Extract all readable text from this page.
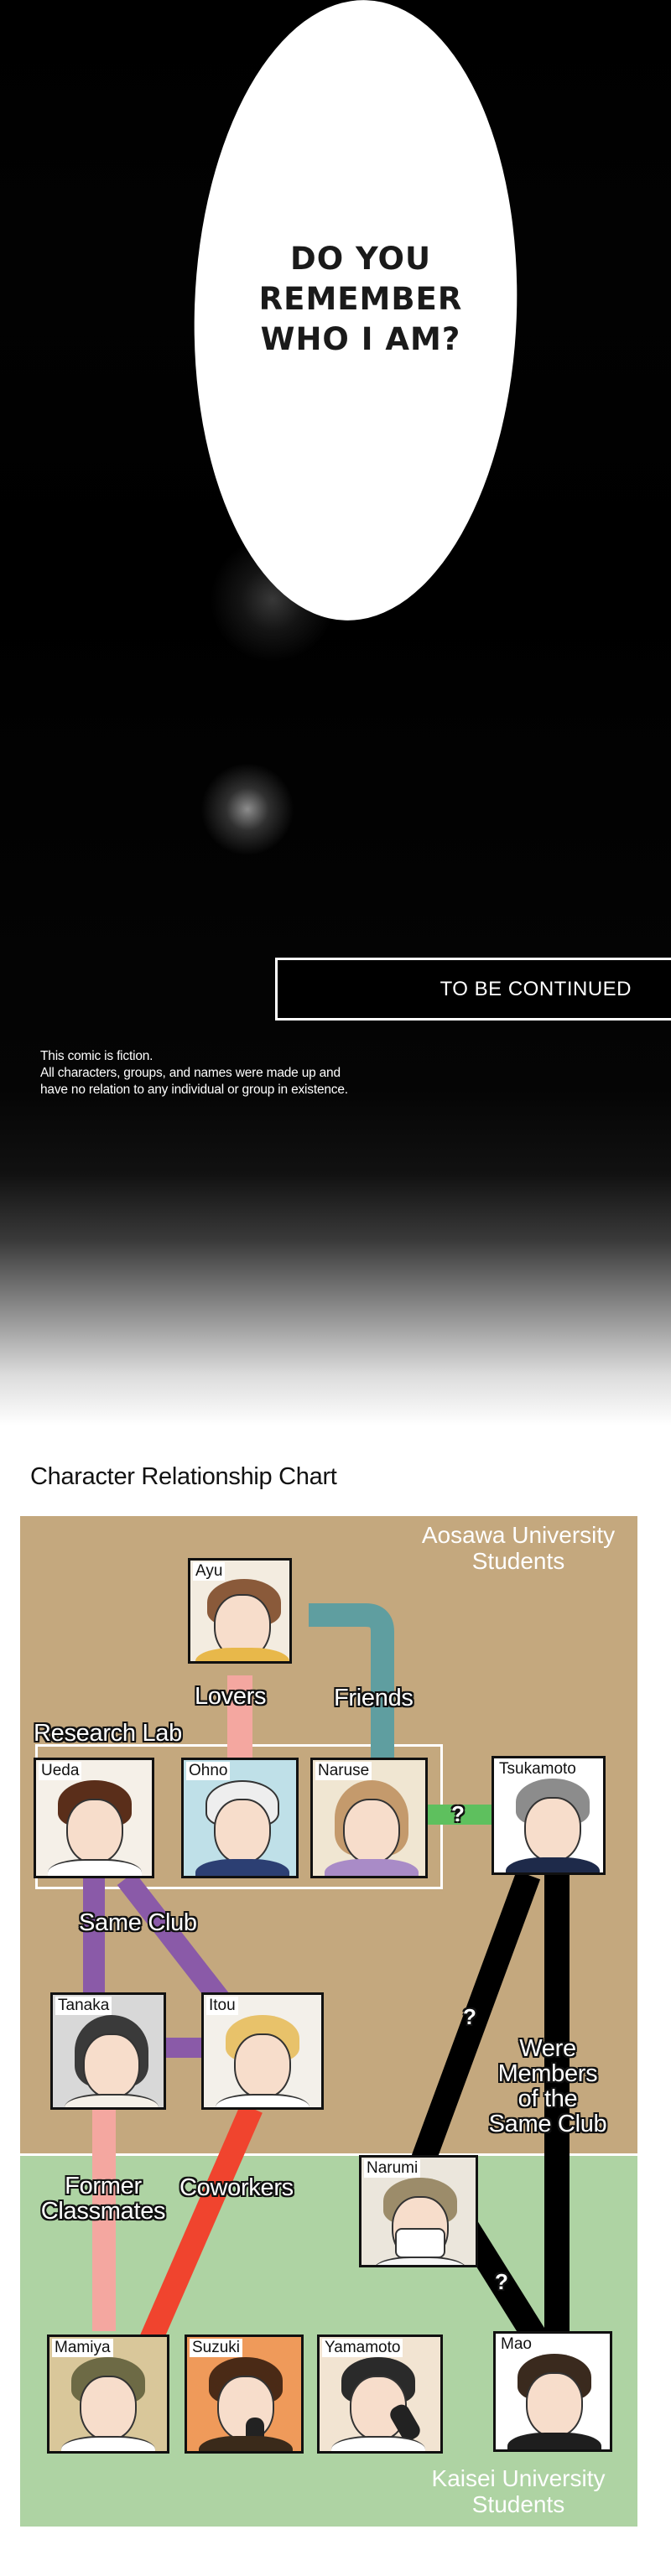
DO YOU
REMEMBER
WHO I AM?
TO BE CONTINUED
This comic is fiction.
All characters, groups, and names were made up and
have no relation to any individual or group in existence.
Character Relationship Chart
Aosawa University
Students
Kaisei University
Students
Ayu
Ueda	Ohno	Naruse	Tsukamoto
Tanaka	Itou
Narumi
Mamiya	Suzuki	Yamamoto	Mao
Research Lab
Lovers	Friends
Same Club
Were
Members
of the
Same Club
Former
Classmates
Coworkers
?
?
?
